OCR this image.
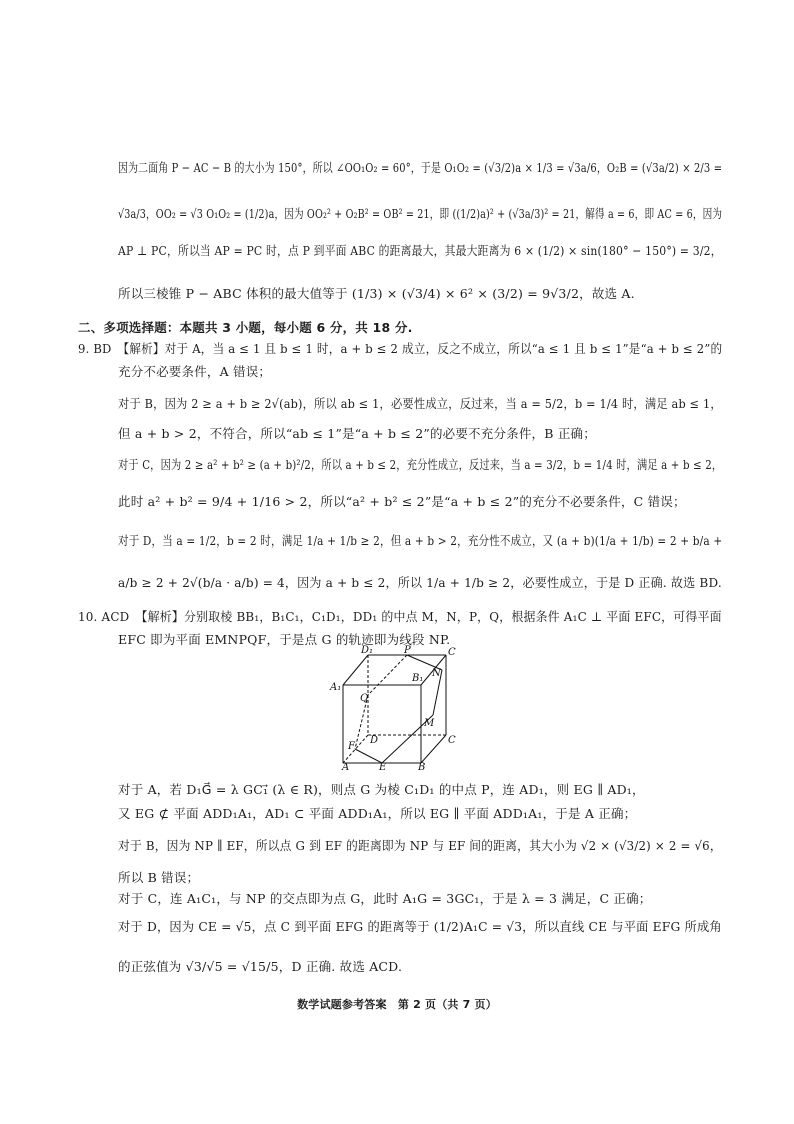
因为二面角 P − AC − B 的大小为 150°，所以 ∠OO₁O₂ = 60°，于是 O₁O₂ = (√3/2)a × 1/3 = √3a/6，O₂B = (√3a/2) × 2/3 =
√3a/3，OO₂ = √3 O₁O₂ = (1/2)a，因为 OO₂² + O₂B² = OB² = 21，即 ((1/2)a)² + (√3a/3)² = 21，解得 a = 6，即 AC = 6，因为
AP ⊥ PC，所以当 AP = PC 时，点 P 到平面 ABC 的距离最大，其最大距离为 6 × (1/2) × sin(180° − 150°) = 3/2，
所以三棱锥 P − ABC 体积的最大值等于 (1/3) × (√3/4) × 6² × (3/2) = 9√3/2，故选 A.
二、多项选择题：本题共 3 小题，每小题 6 分，共 18 分.
9. BD　【解析】对于 A，当 a ≤ 1 且 b ≤ 1 时，a + b ≤ 2 成立，反之不成立，所以“a ≤ 1 且 b ≤ 1”是“a + b ≤ 2”的
充分不必要条件，A 错误；
对于 B，因为 2 ≥ a + b ≥ 2√(ab)，所以 ab ≤ 1，必要性成立，反过来，当 a = 5/2，b = 1/4 时，满足 ab ≤ 1，
但 a + b > 2，不符合，所以“ab ≤ 1”是“a + b ≤ 2”的必要不充分条件，B 正确；
对于 C，因为 2 ≥ a² + b² ≥ (a + b)²/2，所以 a + b ≤ 2，充分性成立，反过来，当 a = 3/2，b = 1/4 时，满足 a + b ≤ 2，
此时 a² + b² = 9/4 + 1/16 > 2，所以“a² + b² ≤ 2”是“a + b ≤ 2”的充分不必要条件，C 错误；
对于 D，当 a = 1/2，b = 2 时，满足 1/a + 1/b ≥ 2，但 a + b > 2，充分性不成立，又 (a + b)(1/a + 1/b) = 2 + b/a +
a/b ≥ 2 + 2√(b/a · a/b) = 4，因为 a + b ≤ 2，所以 1/a + 1/b ≥ 2，必要性成立，于是 D 正确. 故选 BD.
10. ACD　【解析】分别取棱 BB₁，B₁C₁，C₁D₁，DD₁ 的中点 M，N，P，Q，根据条件 A₁C ⊥ 平面 EFC，可得平面
EFC 即为平面 EMNPQF，于是点 G 的轨迹即为线段 NP.
D₁	P	C
A₁
B₁ N
Q
M
F
D	C
A	E	B
对于 A，若 D₁G⃗ = λ GC₁⃗ (λ ∈ R)，则点 G 为棱 C₁D₁ 的中点 P，连 AD₁，则 EG ∥ AD₁，
又 EG ⊄ 平面 ADD₁A₁，AD₁ ⊂ 平面 ADD₁A₁，所以 EG ∥ 平面 ADD₁A₁，于是 A 正确；
对于 B，因为 NP ∥ EF，所以点 G 到 EF 的距离即为 NP 与 EF 间的距离，其大小为 √2 × (√3/2) × 2 = √6，
所以 B 错误；
对于 C，连 A₁C₁，与 NP 的交点即为点 G，此时 A₁G = 3GC₁，于是 λ = 3 满足，C 正确；
对于 D，因为 CE = √5，点 C 到平面 EFG 的距离等于 (1/2)A₁C = √3，所以直线 CE 与平面 EFG 所成角
的正弦值为 √3/√5 = √15/5，D 正确. 故选 ACD.
数学试题参考答案　第 2 页（共 7 页）
